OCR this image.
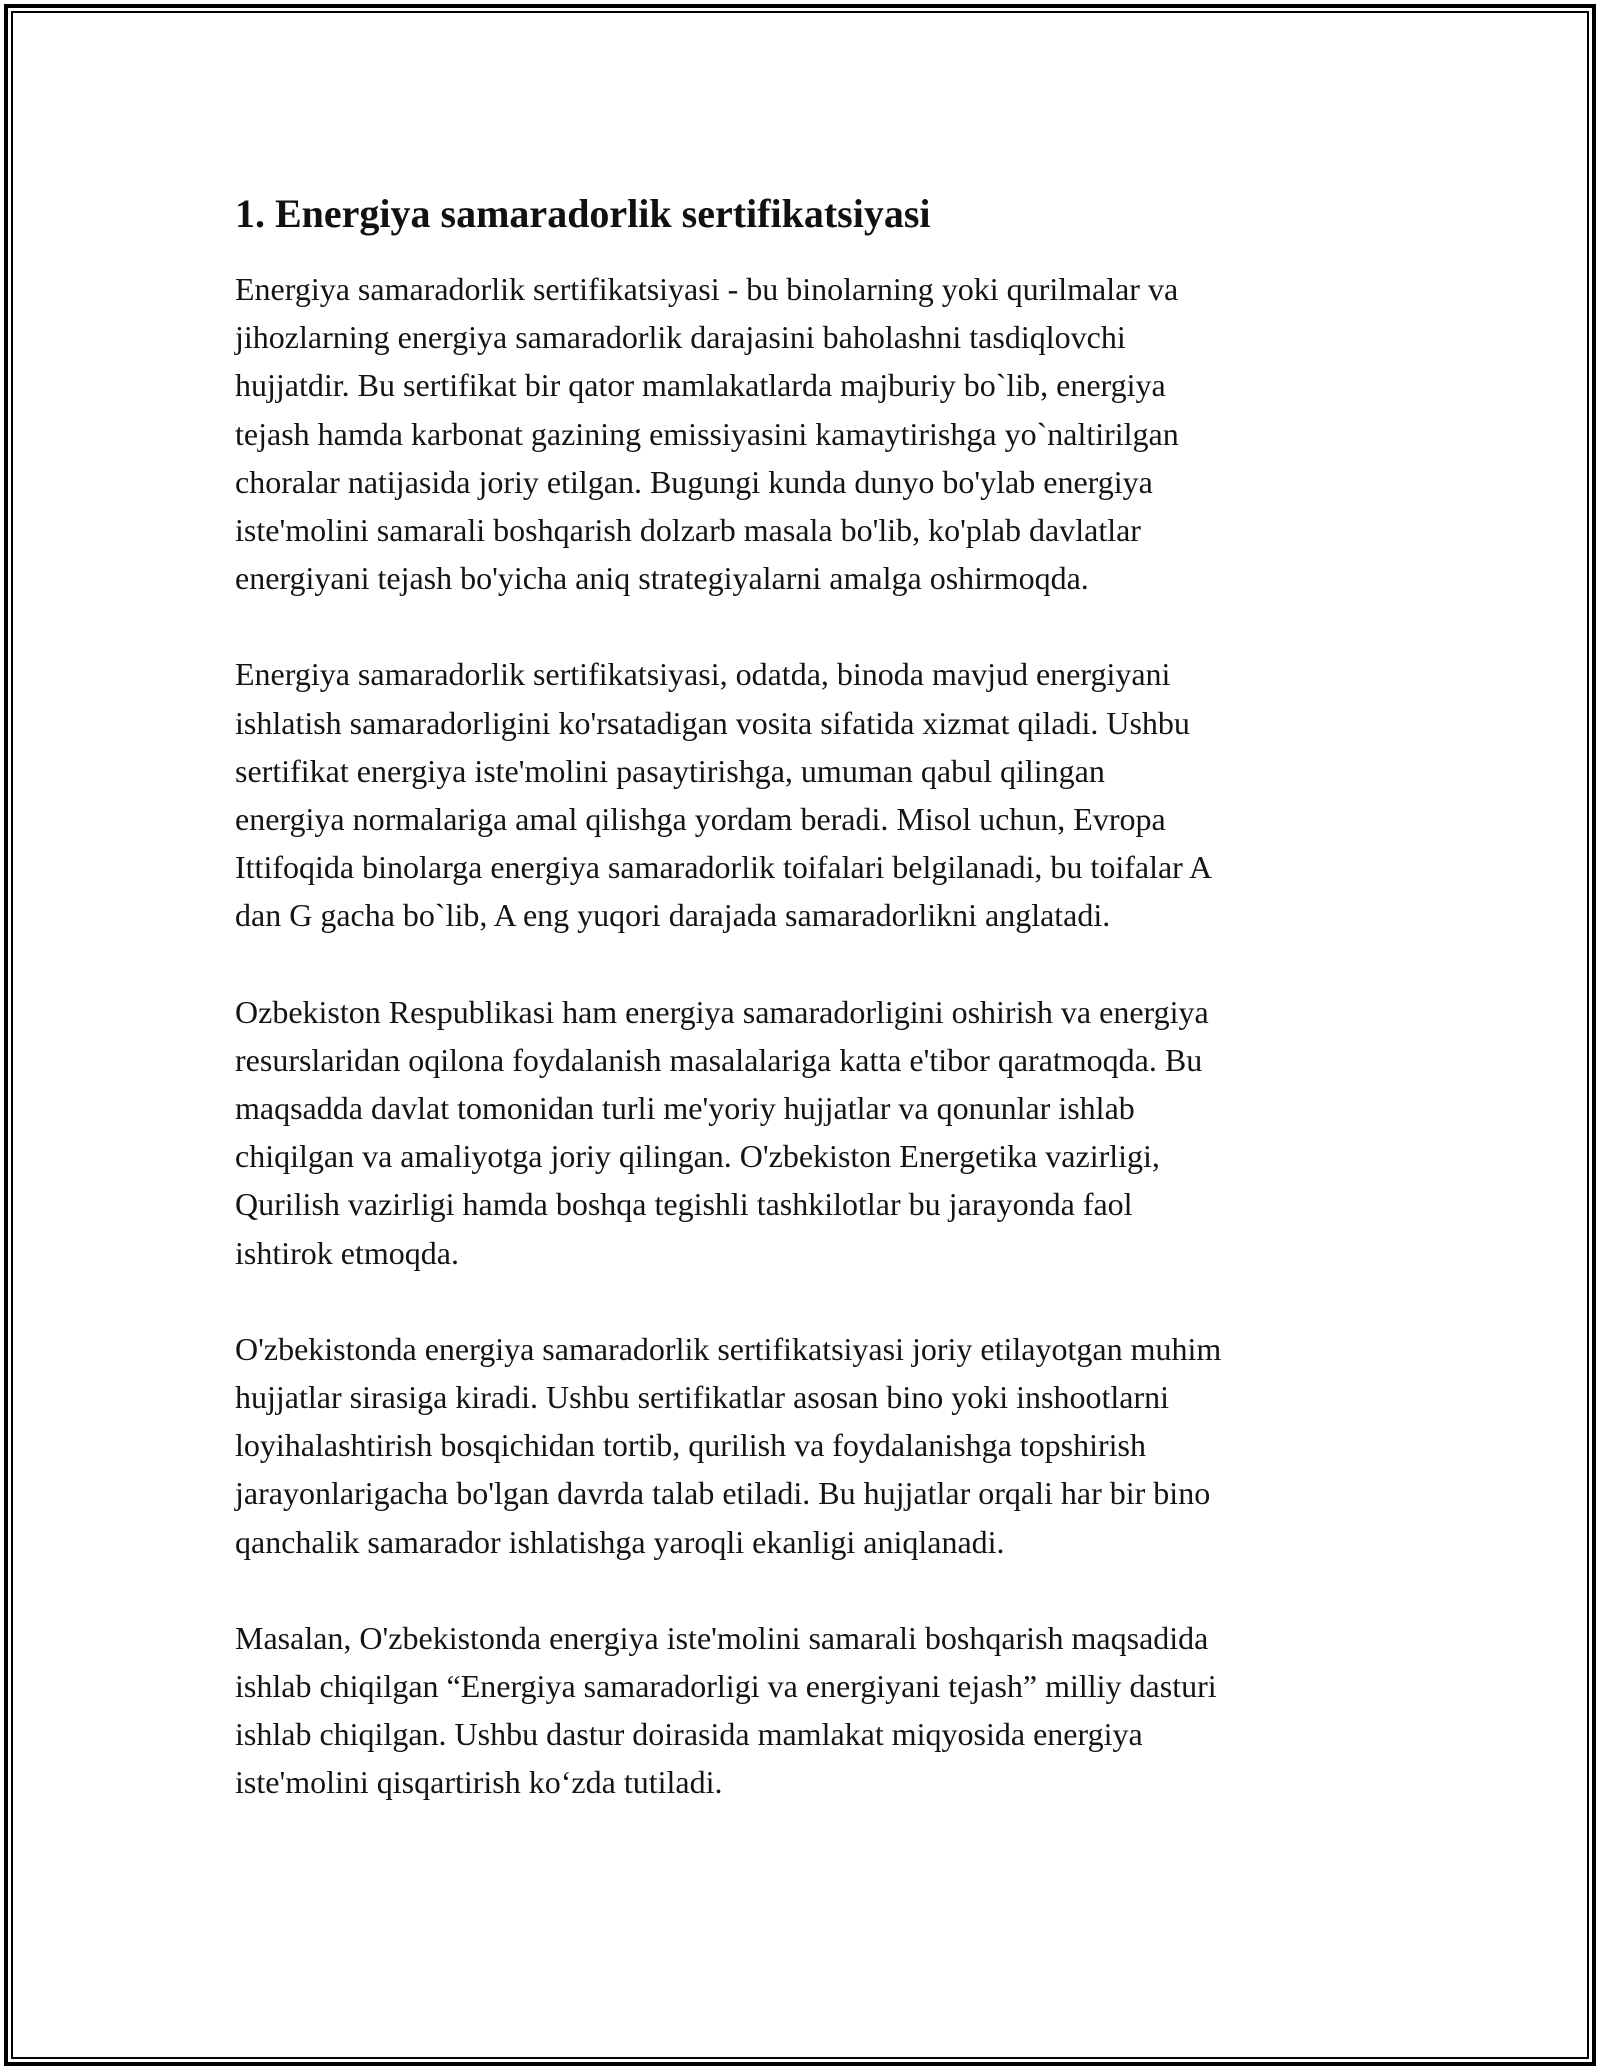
1. Energiya samaradorlik sertifikatsiyasi

Energiya samaradorlik sertifikatsiyasi - bu binolarning yoki qurilmalar va
jihozlarning energiya samaradorlik darajasini baholashni tasdiqlovchi
hujjatdir. Bu sertifikat bir qator mamlakatlarda majburiy bo`lib, energiya
tejash hamda karbonat gazining emissiyasini kamaytirishga yo`naltirilgan
choralar natijasida joriy etilgan. Bugungi kunda dunyo bo'ylab energiya
iste'molini samarali boshqarish dolzarb masala bo'lib, ko'plab davlatlar
energiyani tejash bo'yicha aniq strategiyalarni amalga oshirmoqda.

Energiya samaradorlik sertifikatsiyasi, odatda, binoda mavjud energiyani
ishlatish samaradorligini ko'rsatadigan vosita sifatida xizmat qiladi. Ushbu
sertifikat energiya iste'molini pasaytirishga, umuman qabul qilingan
energiya normalariga amal qilishga yordam beradi. Misol uchun, Evropa
Ittifoqida binolarga energiya samaradorlik toifalari belgilanadi, bu toifalar A
dan G gacha bo`lib, A eng yuqori darajada samaradorlikni anglatadi.

Ozbekiston Respublikasi ham energiya samaradorligini oshirish va energiya
resurslaridan oqilona foydalanish masalalariga katta e'tibor qaratmoqda. Bu
maqsadda davlat tomonidan turli me'yoriy hujjatlar va qonunlar ishlab
chiqilgan va amaliyotga joriy qilingan. O'zbekiston Energetika vazirligi,
Qurilish vazirligi hamda boshqa tegishli tashkilotlar bu jarayonda faol
ishtirok etmoqda.

O'zbekistonda energiya samaradorlik sertifikatsiyasi joriy etilayotgan muhim
hujjatlar sirasiga kiradi. Ushbu sertifikatlar asosan bino yoki inshootlarni
loyihalashtirish bosqichidan tortib, qurilish va foydalanishga topshirish
jarayonlarigacha bo'lgan davrda talab etiladi. Bu hujjatlar orqali har bir bino
qanchalik samarador ishlatishga yaroqli ekanligi aniqlanadi.

Masalan, O'zbekistonda energiya iste'molini samarali boshqarish maqsadida
ishlab chiqilgan “Energiya samaradorligi va energiyani tejash” milliy dasturi
ishlab chiqilgan. Ushbu dastur doirasida mamlakat miqyosida energiya
iste'molini qisqartirish ko‘zda tutiladi.
